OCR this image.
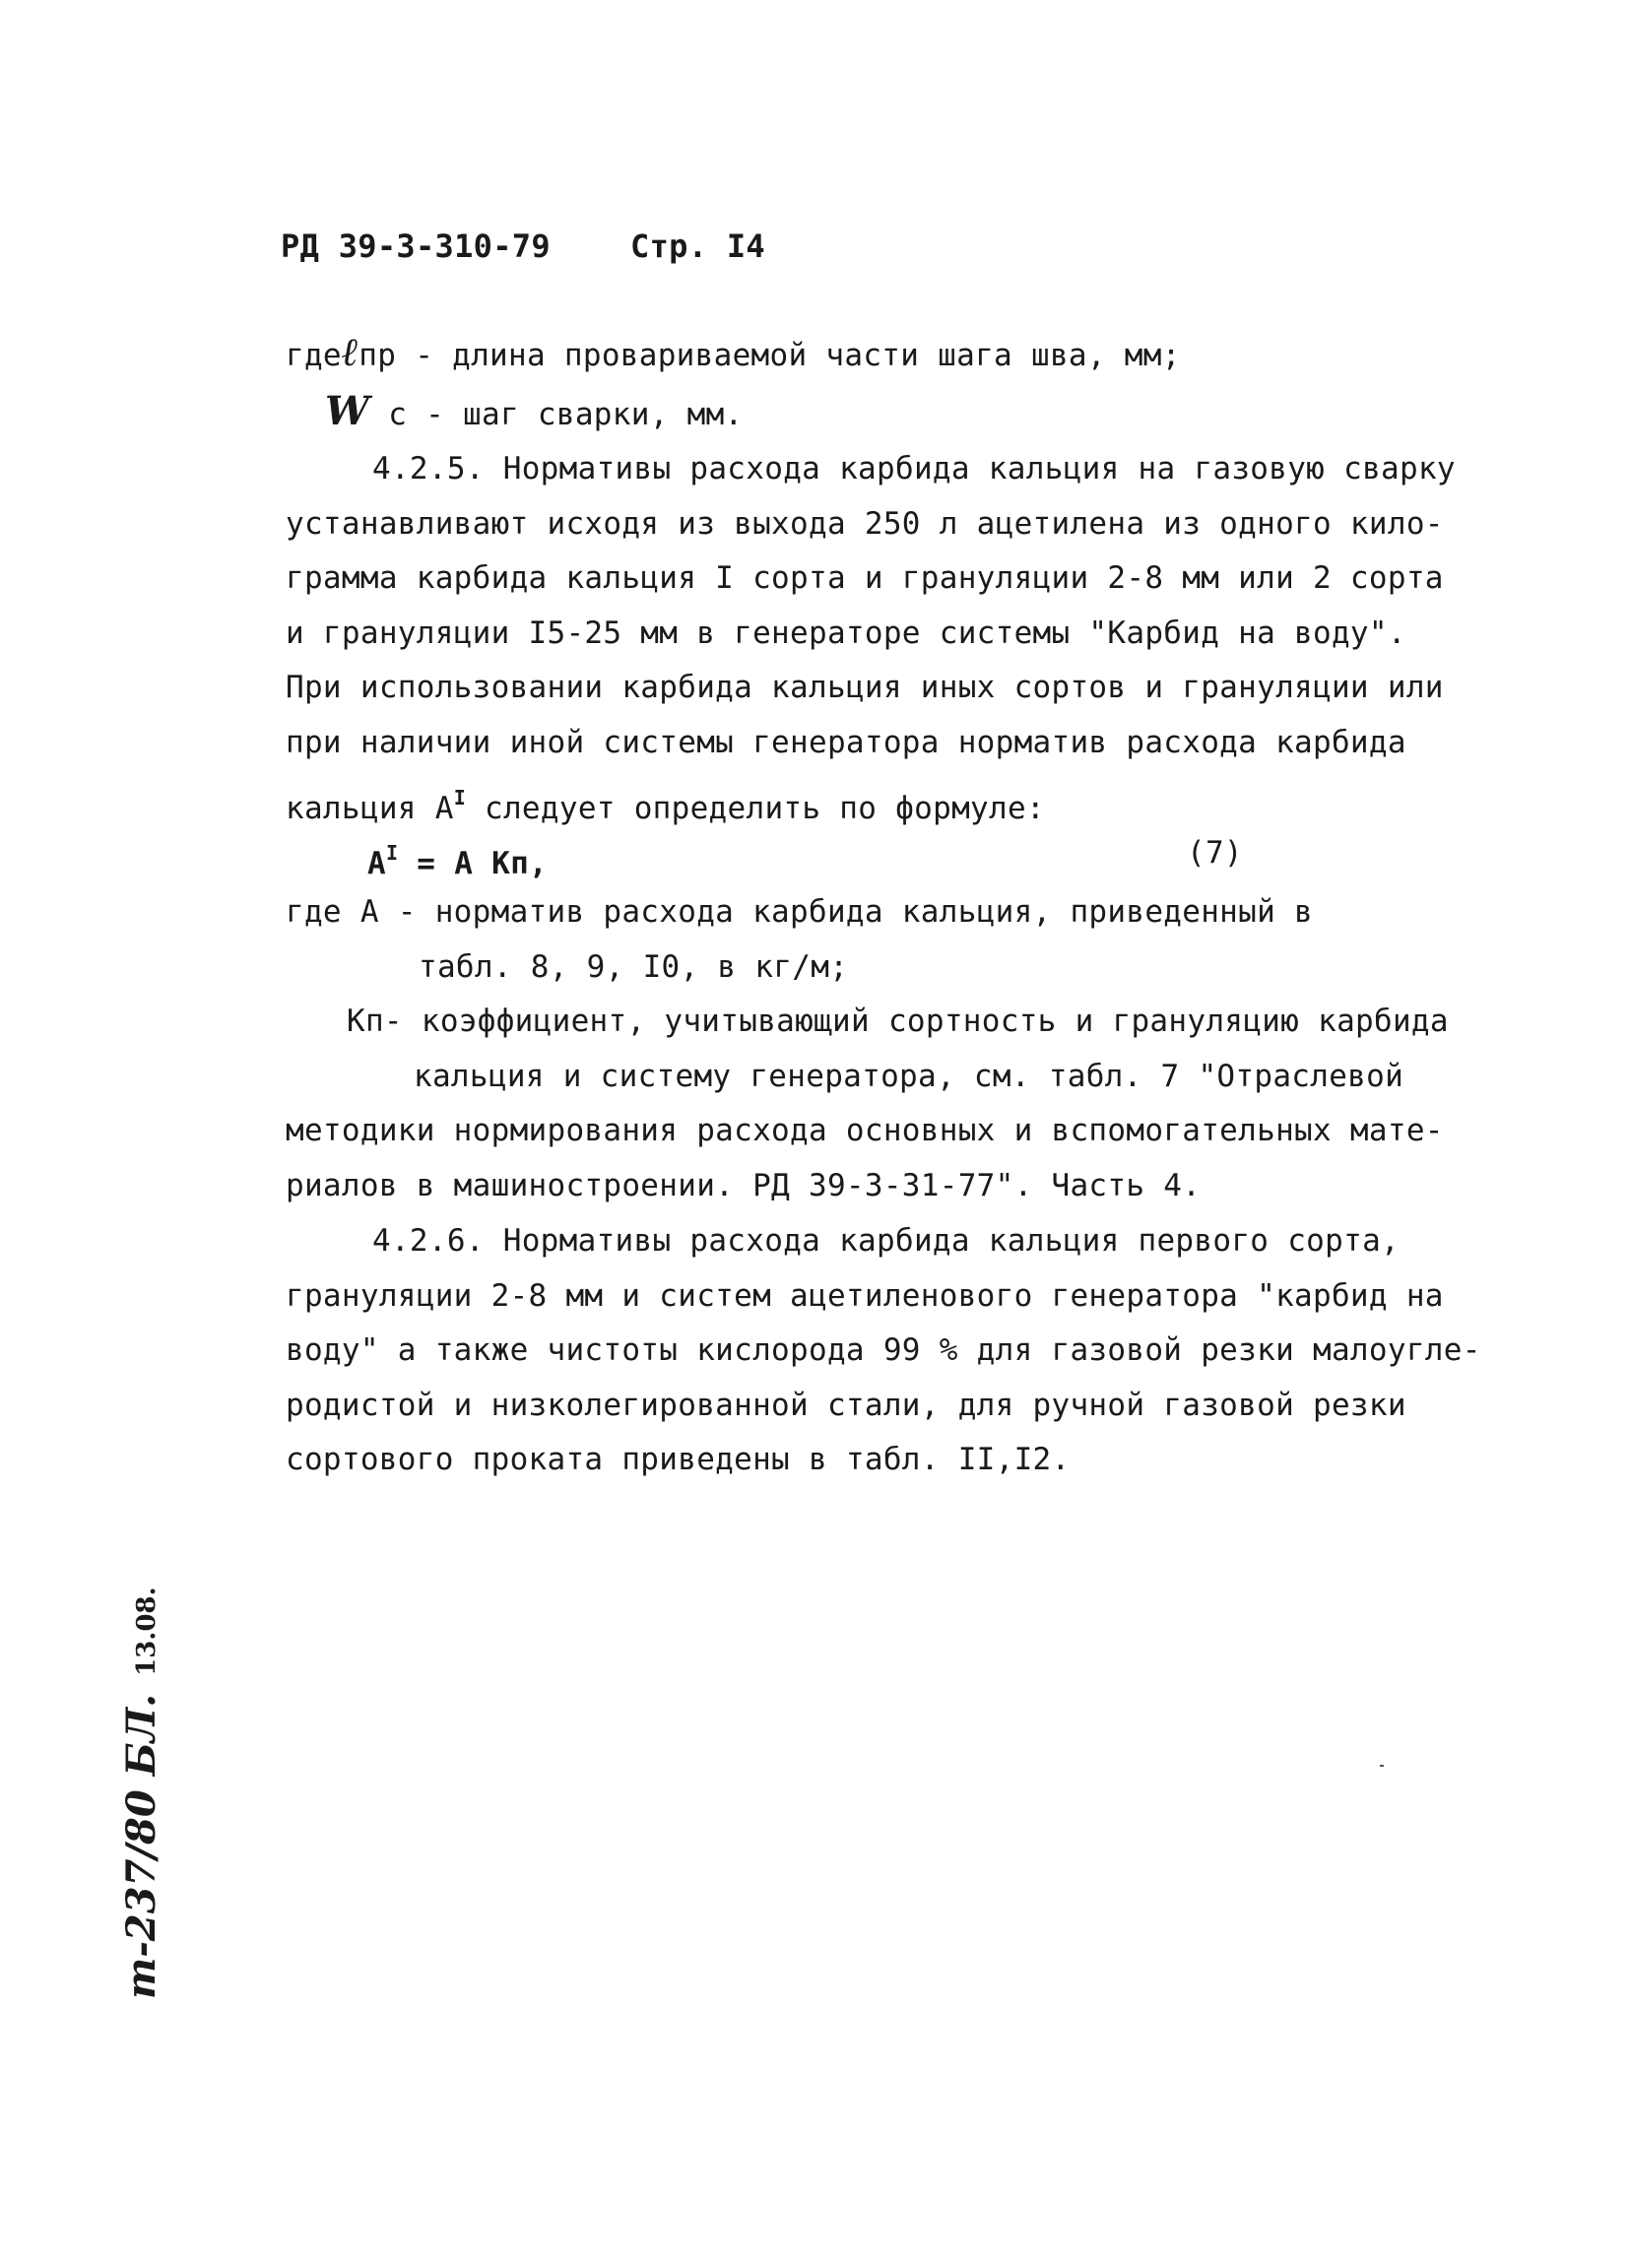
РД 39-3-310-79	Стр. I4
гдеℓпр - длина провариваемой части шага шва, мм;
W с - шаг сварки, мм.
4.2.5. Нормативы расхода карбида кальция на газовую сварку
устанавливают исходя из выхода 250 л ацетилена из одного кило-
грамма карбида кальция I сорта и грануляции 2-8 мм или 2 сорта
и грануляции I5-25 мм в генераторе системы "Карбид на воду".
При использовании карбида кальция иных сортов и грануляции или
при наличии иной системы генератора норматив расхода карбида
кальция $А^I$ следует определить по формуле:
$А^I = А$ Кп,	(7)
где А - норматив расхода карбида кальция, приведенный в
табл. 8, 9, I0, в кг/м;
Кп- коэффициент, учитывающий сортность и грануляцию карбида
кальция и систему генератора, см. табл. 7 "Отраслевой
методики нормирования расхода основных и вспомогательных мате-
риалов в машиностроении. РД 39-3-31-77". Часть 4.
4.2.6. Нормативы расхода карбида кальция первого сорта,
грануляции 2-8 мм и систем ацетиленового генератора "карбид на
воду" а также чистоты кислорода 99 % для газовой резки малоугле-
родистой и низколегированной стали, для ручной газовой резки
сортового проката приведены в табл. II,I2.
т-237/80 БЛ.13.08.
